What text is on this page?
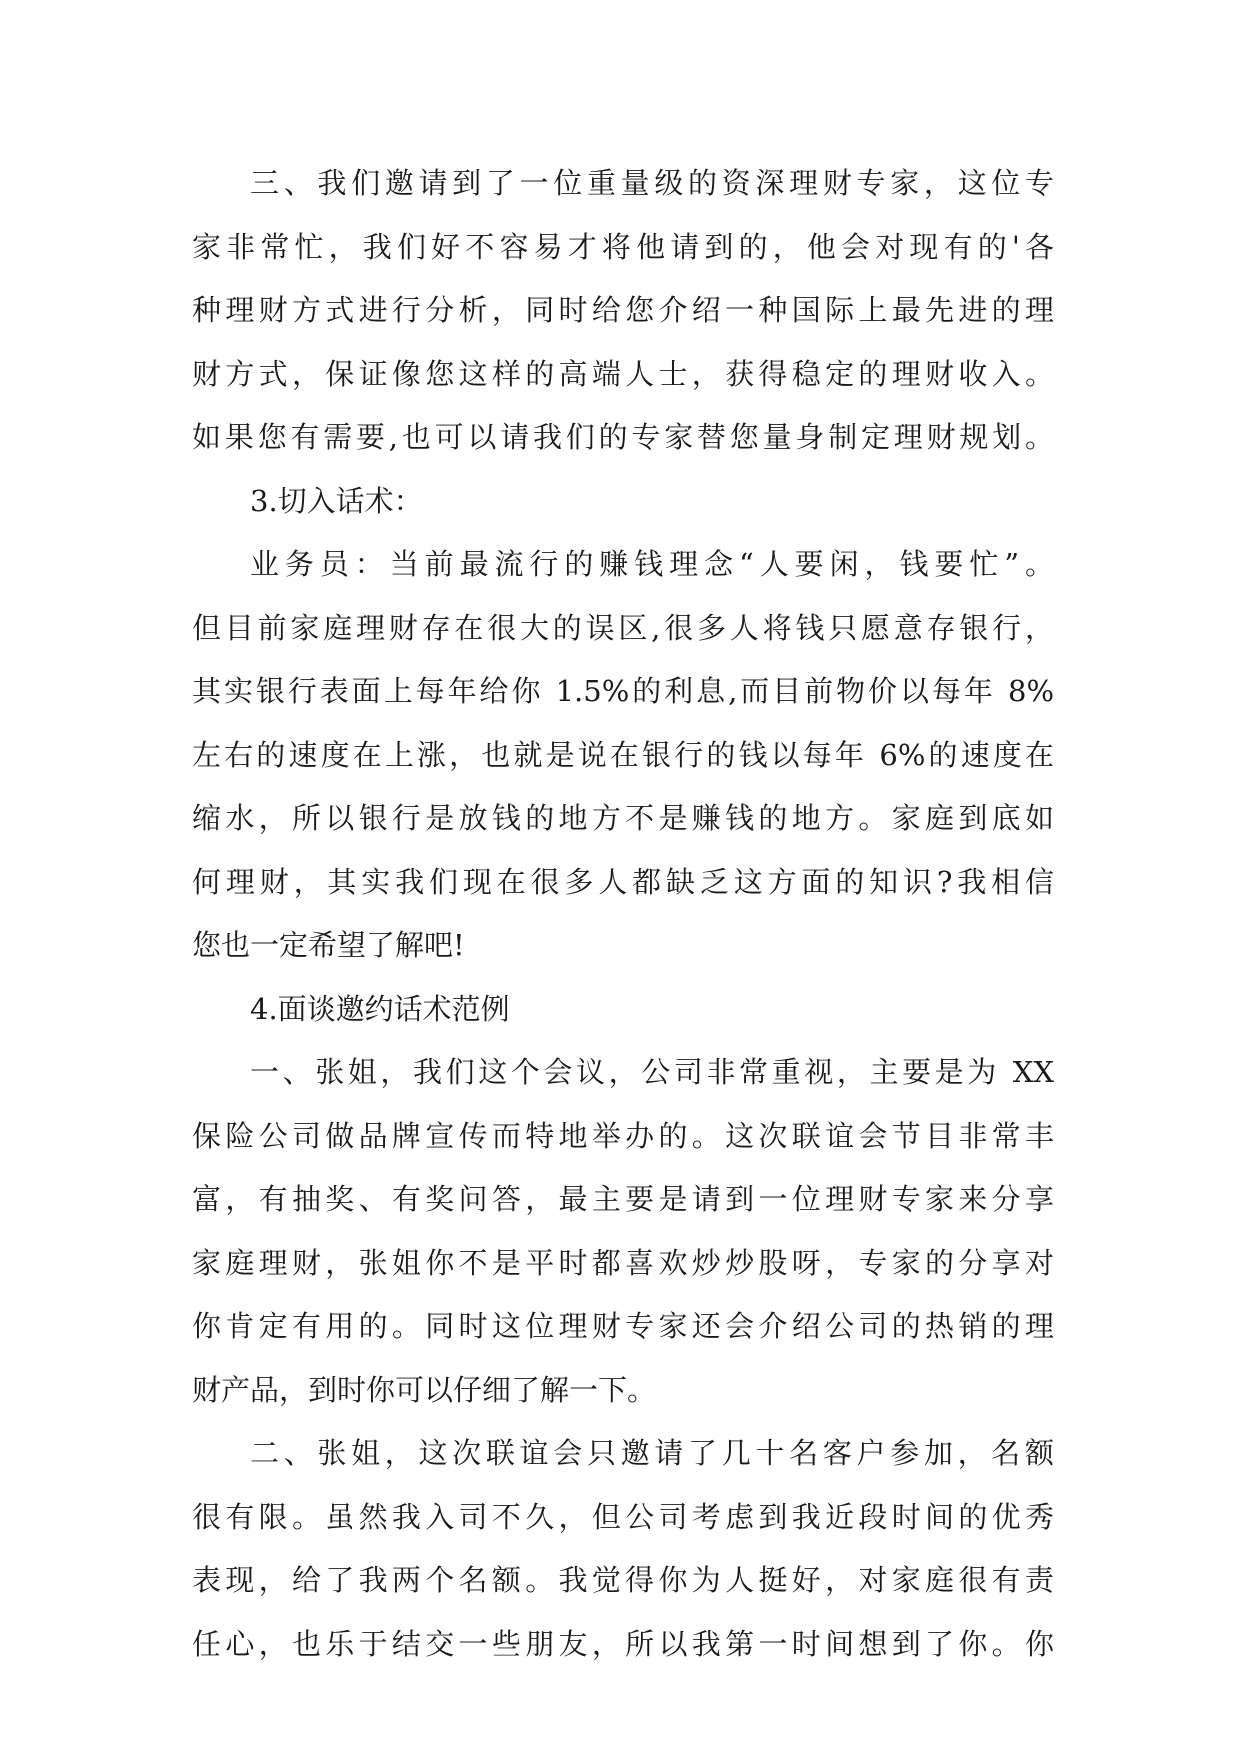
三、我们邀请到了一位重量级的资深理财专家，这位专
家非常忙，我们好不容易才将他请到的，他会对现有的'各
种理财方式进行分析，同时给您介绍一种国际上最先进的理
财方式，保证像您这样的高端人士，获得稳定的理财收入。
如果您有需要,也可以请我们的专家替您量身制定理财规划。
3.切入话术：
业务员：当前最流行的赚钱理念“人要闲，钱要忙”。
但目前家庭理财存在很大的误区,很多人将钱只愿意存银行，
其实银行表面上每年给你 1.5%的利息,而目前物价以每年 8%
左右的速度在上涨，也就是说在银行的钱以每年 6%的速度在
缩水，所以银行是放钱的地方不是赚钱的地方。家庭到底如
何理财，其实我们现在很多人都缺乏这方面的知识?我相信
您也一定希望了解吧!
4.面谈邀约话术范例
一、张姐，我们这个会议，公司非常重视，主要是为 XX
保险公司做品牌宣传而特地举办的。这次联谊会节目非常丰
富，有抽奖、有奖问答，最主要是请到一位理财专家来分享
家庭理财，张姐你不是平时都喜欢炒炒股呀，专家的分享对
你肯定有用的。同时这位理财专家还会介绍公司的热销的理
财产品，到时你可以仔细了解一下。
二、张姐，这次联谊会只邀请了几十名客户参加，名额
很有限。虽然我入司不久，但公司考虑到我近段时间的优秀
表现，给了我两个名额。我觉得你为人挺好，对家庭很有责
任心，也乐于结交一些朋友，所以我第一时间想到了你。你
